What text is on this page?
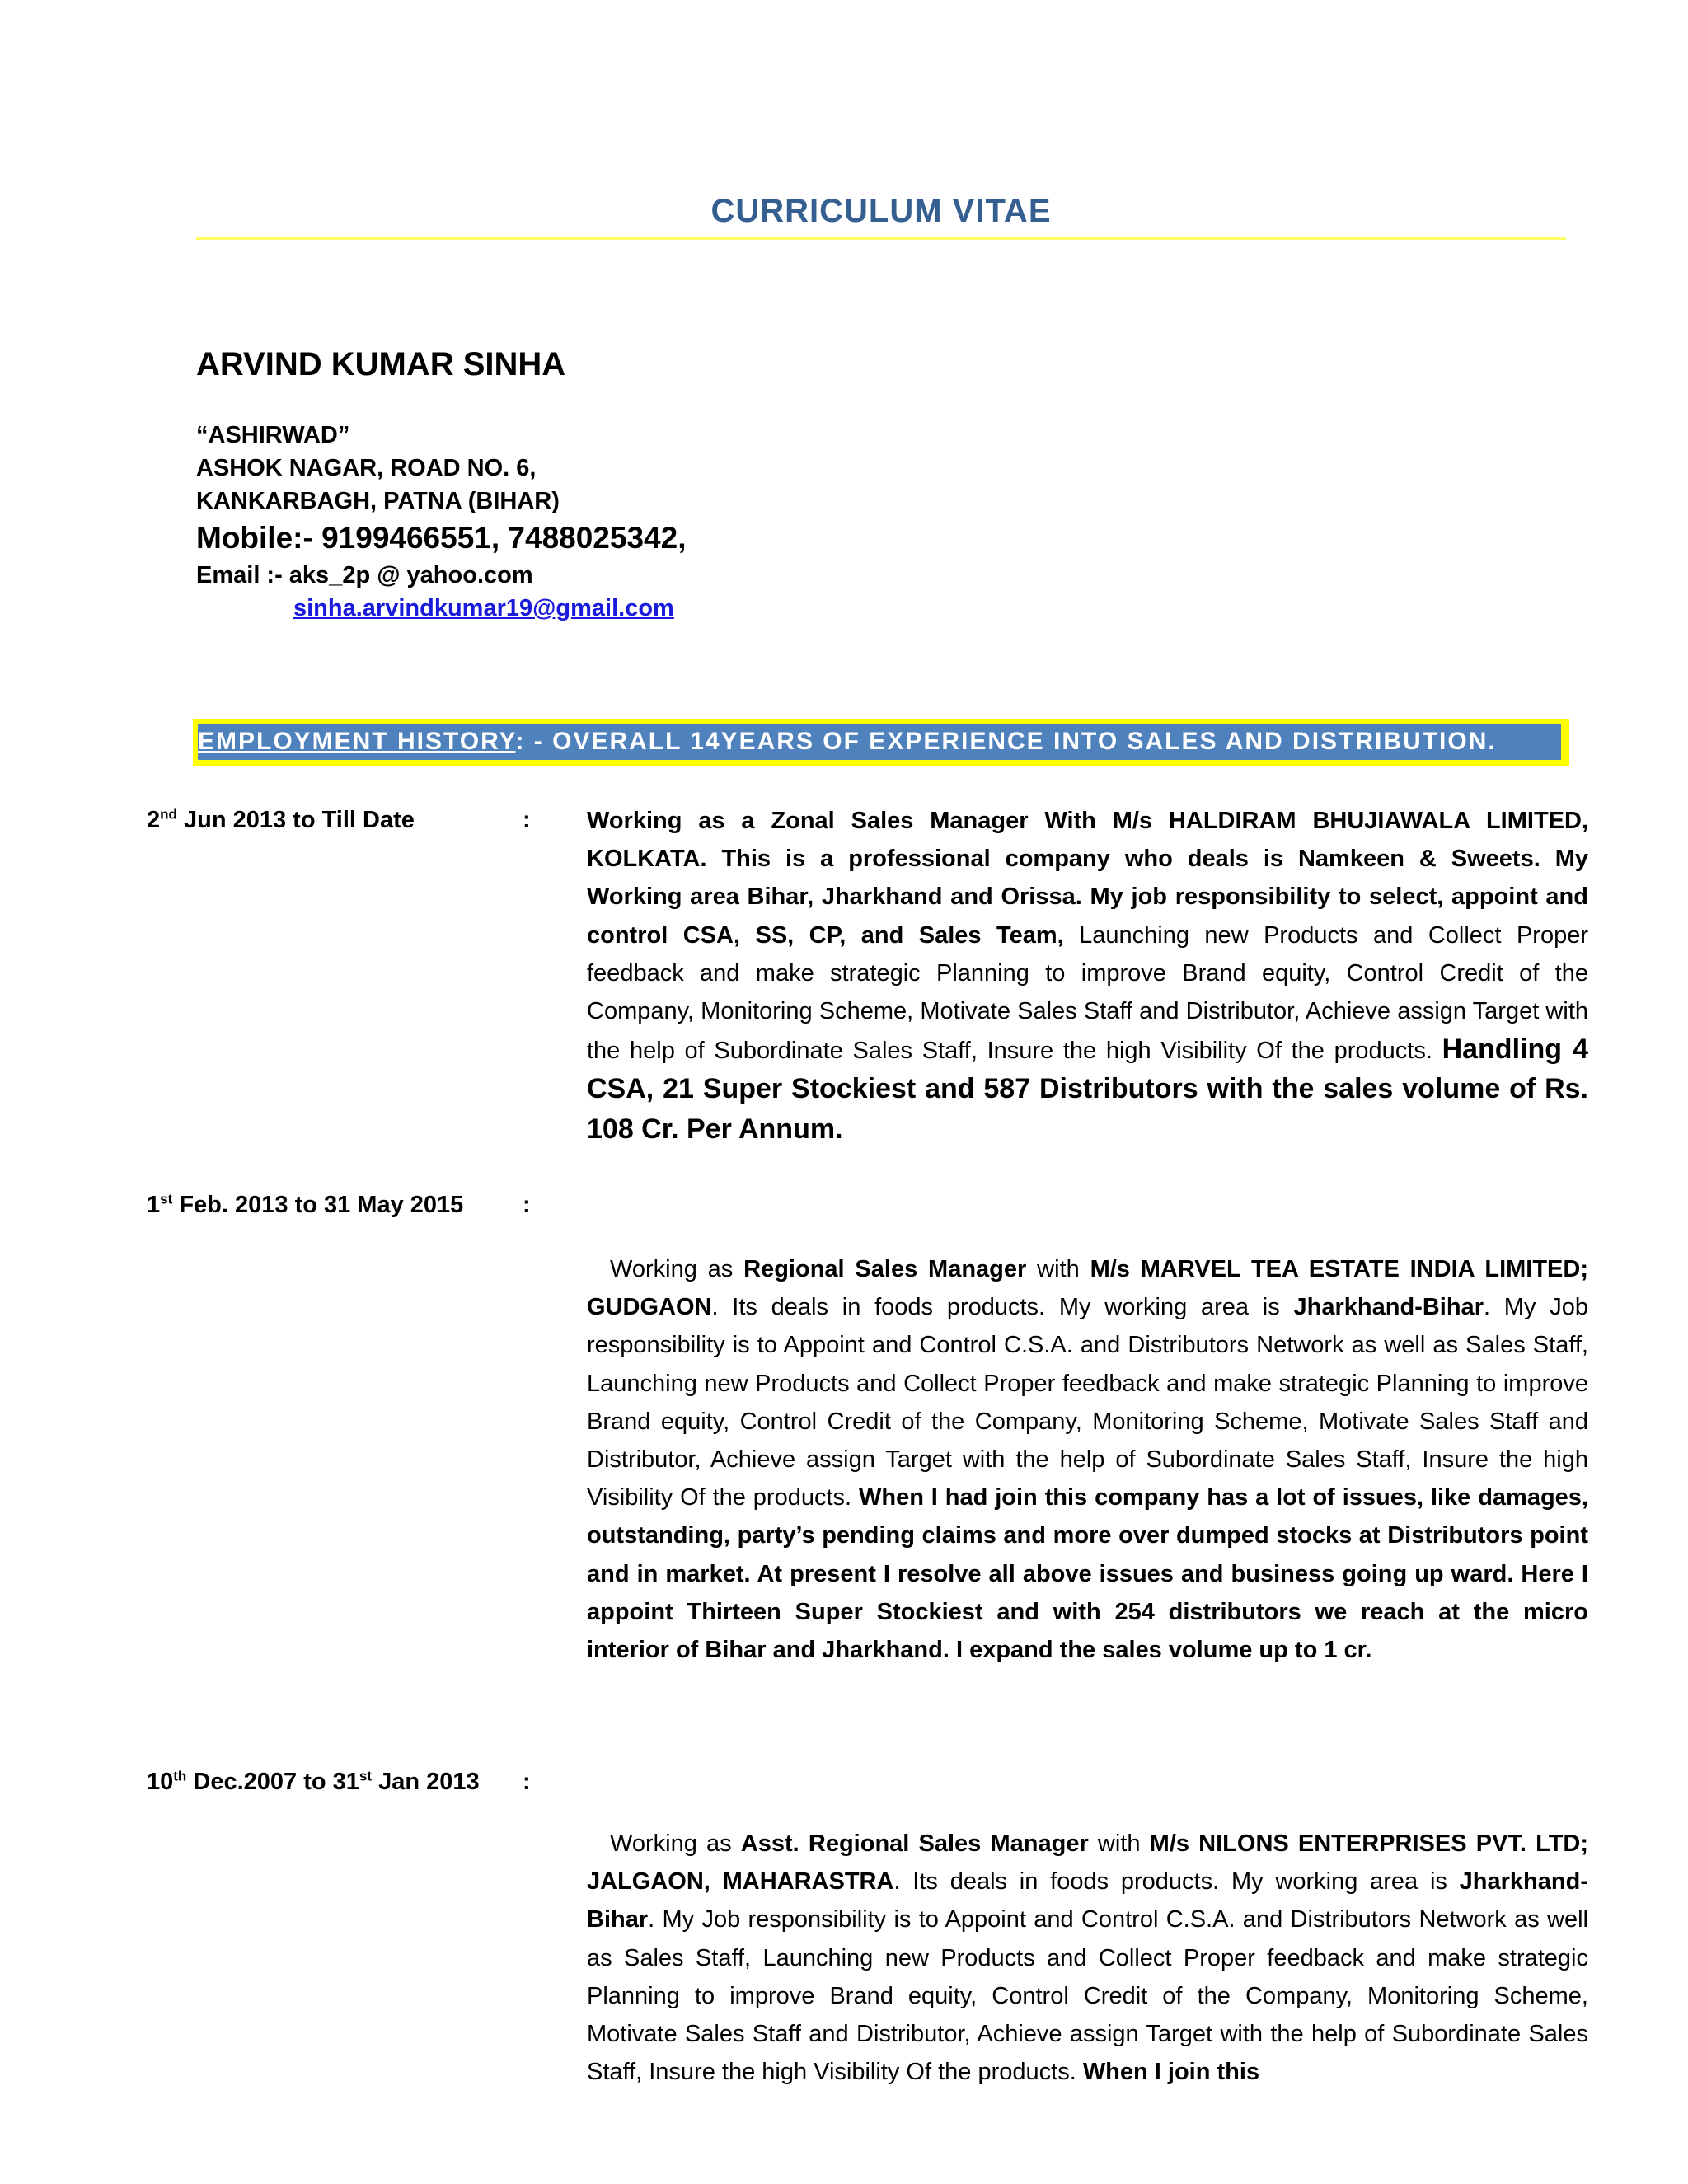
CURRICULUM VITAE
ARVIND KUMAR SINHA
“ASHIRWAD”
ASHOK NAGAR, ROAD NO. 6,
KANKARBAGH, PATNA (BIHAR)
Mobile:- 9199466551, 7488025342,
Email :- aks_2p @ yahoo.com
sinha.arvindkumar19@gmail.com
EMPLOYMENT HISTORY: - OVERALL 14YEARS OF EXPERIENCE INTO SALES AND DISTRIBUTION.
2nd Jun 2013 to Till Date	: Working as a Zonal Sales Manager With M/s HALDIRAM BHUJIAWALA LIMITED, KOLKATA. This is a professional company who deals is Namkeen & Sweets. My Working area Bihar, Jharkhand and Orissa. My job responsibility to select, appoint and control CSA, SS, CP, and Sales Team, Launching new Products and Collect Proper feedback and make strategic Planning to improve Brand equity, Control Credit of the Company, Monitoring Scheme, Motivate Sales Staff and Distributor, Achieve assign Target with the help of Subordinate Sales Staff, Insure the high Visibility Of the products. Handling 4 CSA, 21 Super Stockiest and 587 Distributors with the sales volume of Rs. 108 Cr. Per Annum.
1st Feb. 2013 to 31 May 2015 :
Working as Regional Sales Manager with M/s MARVEL TEA ESTATE INDIA LIMITED; GUDGAON. Its deals in foods products. My working area is Jharkhand-Bihar. My Job responsibility is to Appoint and Control C.S.A. and Distributors Network as well as Sales Staff, Launching new Products and Collect Proper feedback and make strategic Planning to improve Brand equity, Control Credit of the Company, Monitoring Scheme, Motivate Sales Staff and Distributor, Achieve assign Target with the help of Subordinate Sales Staff, Insure the high Visibility Of the products. When I had join this company has a lot of issues, like damages, outstanding, party’s pending claims and more over dumped stocks at Distributors point and in market. At present I resolve all above issues and business going up ward. Here I appoint Thirteen Super Stockiest and with 254 distributors we reach at the micro interior of Bihar and Jharkhand. I expand the sales volume up to 1 cr.
10th Dec.2007 to 31st Jan 2013 :
Working as Asst. Regional Sales Manager with M/s NILONS ENTERPRISES PVT. LTD; JALGAON, MAHARASTRA. Its deals in foods products. My working area is Jharkhand-Bihar. My Job responsibility is to Appoint and Control C.S.A. and Distributors Network as well as Sales Staff, Launching new Products and Collect Proper feedback and make strategic Planning to improve Brand equity, Control Credit of the Company, Monitoring Scheme, Motivate Sales Staff and Distributor, Achieve assign Target with the help of Subordinate Sales Staff, Insure the high Visibility Of the products. When I join this
